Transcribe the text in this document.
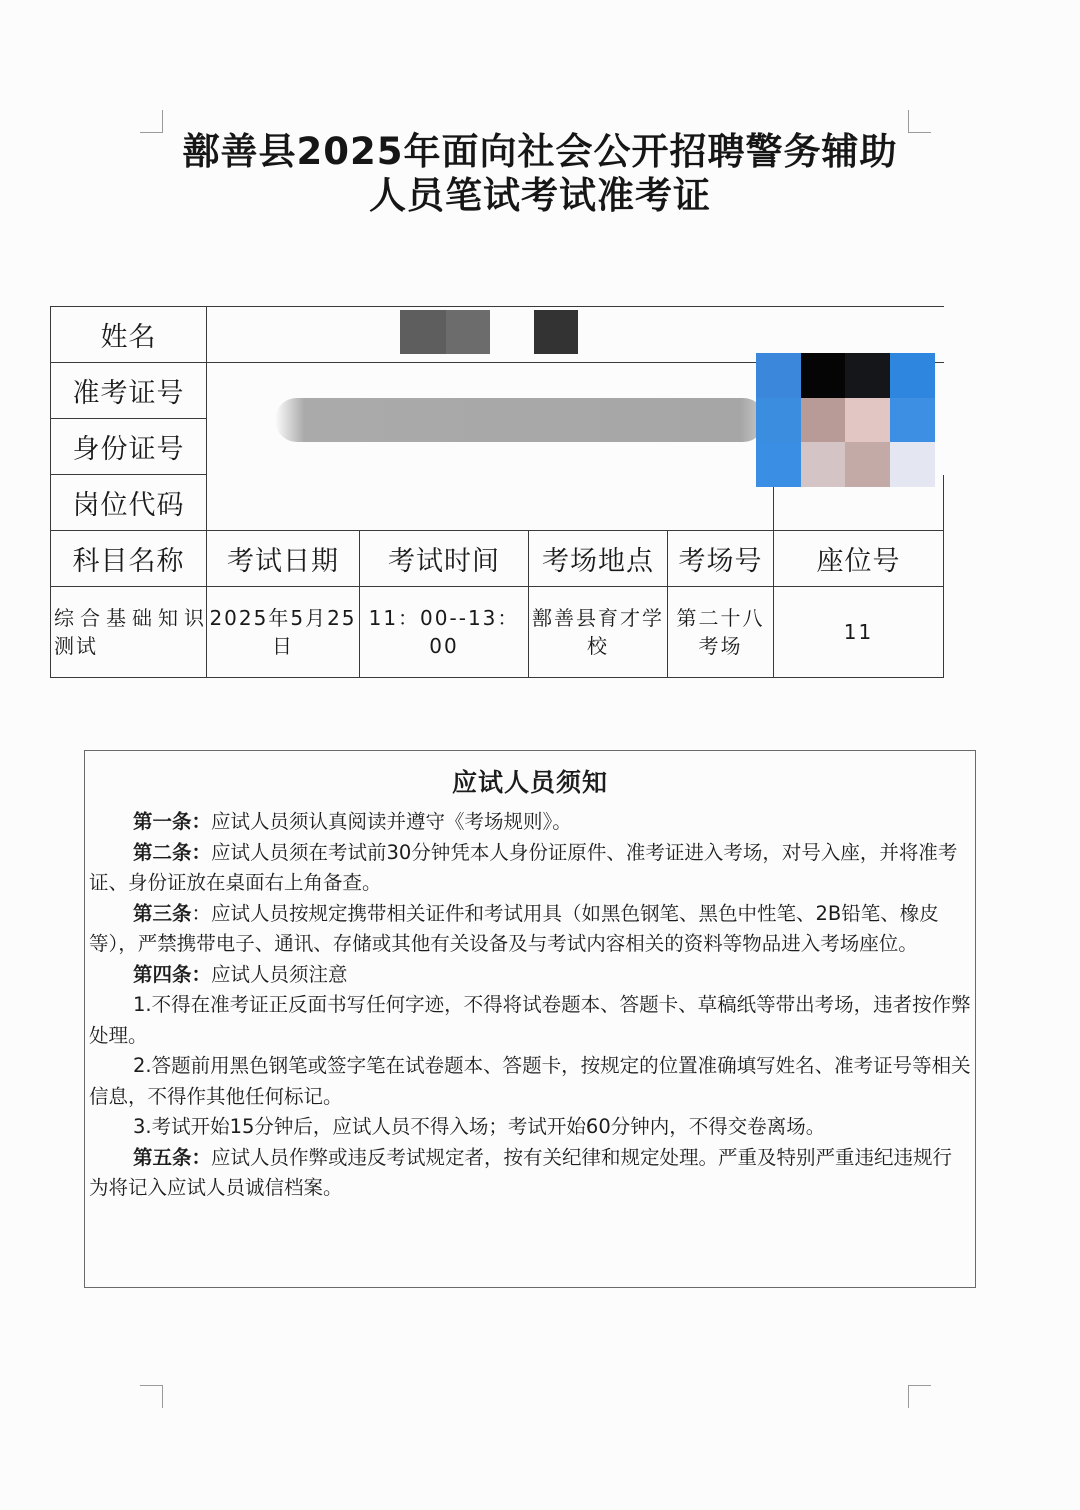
鄯善县2025年面向社会公开招聘警务辅助
人员笔试考试准考证
姓名					
准考证号					
身份证号					
岗位代码					
科目名称	考试日期	考试时间	考场地点	考场号	座位号
综合基础知识测试	2025年5月25日	11：00--13：00	鄯善县育才学校	第二十八考场	11
应试人员须知

第一条：应试人员须认真阅读并遵守《考场规则》。

第二条：应试人员须在考试前30分钟凭本人身份证原件、准考证进入考场，对号入座，并将准考证、身份证放在桌面右上角备查。

第三条：应试人员按规定携带相关证件和考试用具（如黑色钢笔、黑色中性笔、2B铅笔、橡皮等），严禁携带电子、通讯、存储或其他有关设备及与考试内容相关的资料等物品进入考场座位。

第四条：应试人员须注意

1.不得在准考证正反面书写任何字迹，不得将试卷题本、答题卡、草稿纸等带出考场，违者按作弊处理。

2.答题前用黑色钢笔或签字笔在试卷题本、答题卡，按规定的位置准确填写姓名、准考证号等相关信息，不得作其他任何标记。

3.考试开始15分钟后，应试人员不得入场；考试开始60分钟内，不得交卷离场。

第五条：应试人员作弊或违反考试规定者，按有关纪律和规定处理。严重及特别严重违纪违规行为将记入应试人员诚信档案。
